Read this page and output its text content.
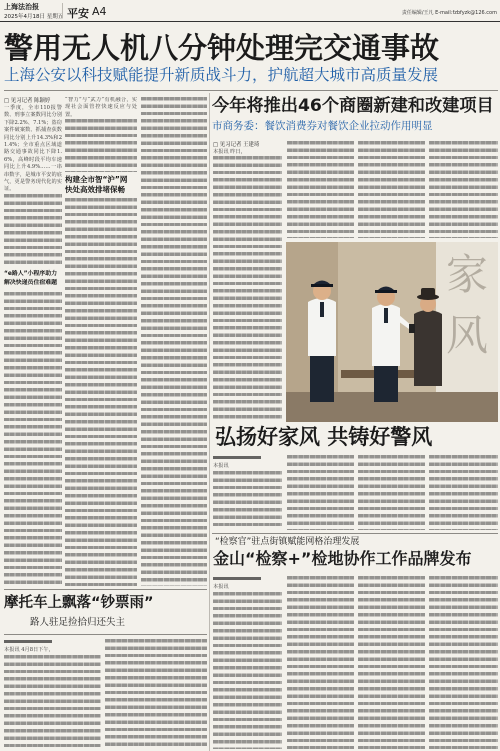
上海法治报
2025年4月18日 星期五 平安 A4	责任编辑/王凡 E-mail:fzbfyzk@126.com
警用无人机八分钟处理完交通事故
上海公安以科技赋能提升新质战斗力，护航超大城市高质量发展
□ 见习记者 陈颖婷

一季度，全市110报警数、刑事立案数同比分别下降2.2%、7.1%；盗窃案件破案数、抓捕查获数同比分别上升14.3%和21.4%；全市重点区域道路交通事故同比下降1.6%，高峰时段平均车速同比上升4.9%……一串串数字，是城市平安的底气，更是警务现代化的实证。

“e路人”小程序助力
解决快递员住宿难题

“智力”与“武力”有机融合，实现社会面管控快速反应与处置。

构建全市智“沪”网
快处高效排堵保畅
摩托车上飘落“钞票雨”
路人驻足捡拾归还失主

本报讯 4月8日下午，

今年将推出46个商圈新建和改建项目
市商务委：餐饮消费券对餐饮企业拉动作用明显
□ 见习记者 王建琦

本报讯 昨日，

家
风
弘扬好家风 共铸好警风

本报讯

“检察官”驻点街镇赋能网格治理发展
金山“检察+”检地协作工作品牌发布

本报讯
